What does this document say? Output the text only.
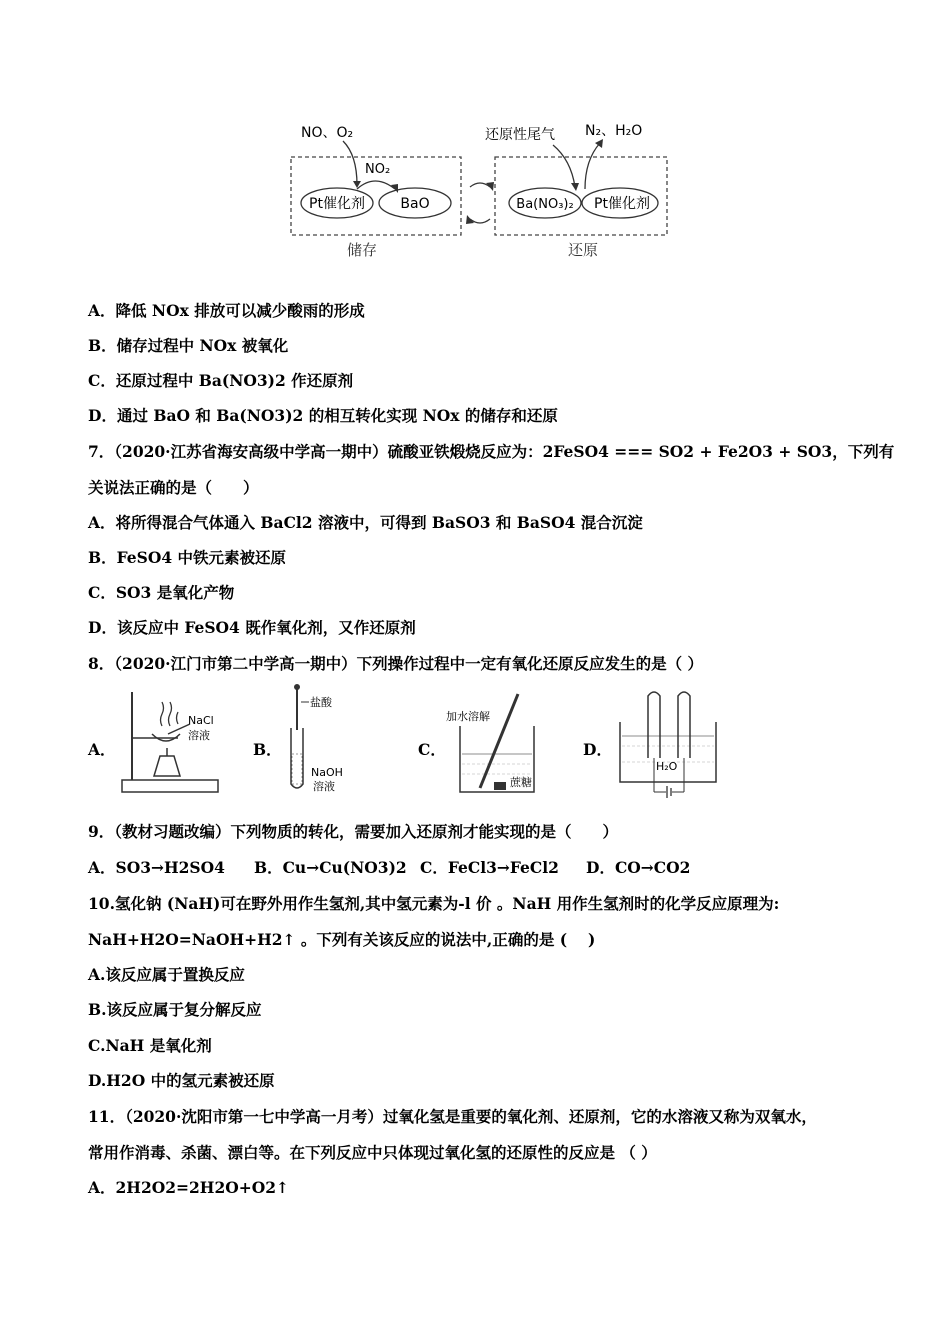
Pt催化剂	BaO	Ba(NO₃)₂ Pt催化剂
NO、O₂
NO₂
还原性尾气 N₂、H₂O
储存	还原
A．降低 NOx 排放可以减少酸雨的形成
B．储存过程中 NOx 被氧化
C．还原过程中 Ba(NO3)2 作还原剂
D．通过 BaO 和 Ba(NO3)2 的相互转化实现 NOx 的储存和还原
7．（2020·江苏省海安高级中学高一期中）硫酸亚铁煅烧反应为：2FeSO4 === SO2 + Fe2O3 + SO3，下列有
关说法正确的是（　　）
A．将所得混合气体通入 BaCl2 溶液中，可得到 BaSO3 和 BaSO4 混合沉淀
B．FeSO4 中铁元素被还原
C．SO3 是氧化产物
D．该反应中 FeSO4 既作氧化剂，又作还原剂
8．（2020·江门市第二中学高一期中）下列操作过程中一定有氧化还原反应发生的是（ ）
A．
NaCl
溶液
B．
盐酸
NaOH
溶液
C．
加水溶解
蔗糖
D．
H₂O
9．（教材习题改编）下列物质的转化，需要加入还原剂才能实现的是（　　）
A．SO3→H2SO4 B．Cu→Cu(NO3)2 C．FeCl3→FeCl2 D．CO→CO2
10.氢化钠 (NaH)可在野外用作生氢剂,其中氢元素为-l 价 。NaH 用作生氢剂时的化学反应原理为:
NaH+H2O=NaOH+H2↑ 。下列有关该反应的说法中,正确的是 (　 )
A.该反应属于置换反应
B.该反应属于复分解反应
C.NaH 是氧化剂
D.H2O 中的氢元素被还原
11．（2020·沈阳市第一七中学高一月考）过氧化氢是重要的氧化剂、还原剂，它的水溶液又称为双氧水，
常用作消毒、杀菌、漂白等。在下列反应中只体现过氧化氢的还原性的反应是 （ ）
A．2H2O2=2H2O+O2↑
